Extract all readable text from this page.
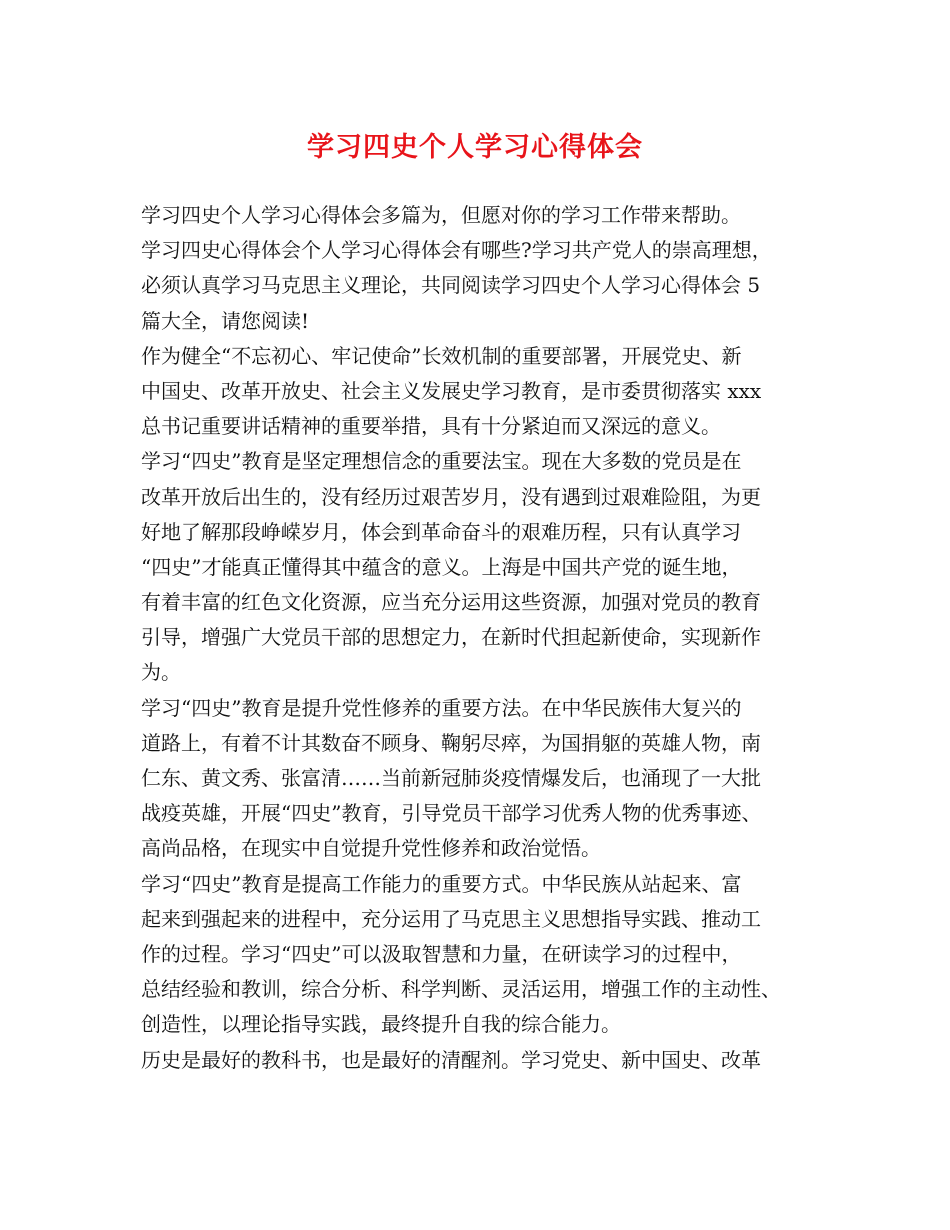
学习四史个人学习心得体会
学习四史个人学习心得体会多篇为，但愿对你的学习工作带来帮助。
学习四史心得体会个人学习心得体会有哪些?学习共产党人的崇高理想，
必须认真学习马克思主义理论，共同阅读学习四史个人学习心得体会 5
篇大全，请您阅读!
作为健全“不忘初心、牢记使命”长效机制的重要部署，开展党史、新
中国史、改革开放史、社会主义发展史学习教育，是市委贯彻落实 xxx
总书记重要讲话精神的重要举措，具有十分紧迫而又深远的意义。
学习“四史”教育是坚定理想信念的重要法宝。现在大多数的党员是在
改革开放后出生的，没有经历过艰苦岁月，没有遇到过艰难险阻，为更
好地了解那段峥嵘岁月，体会到革命奋斗的艰难历程，只有认真学习
“四史”才能真正懂得其中蕴含的意义。上海是中国共产党的诞生地，
有着丰富的红色文化资源，应当充分运用这些资源，加强对党员的教育
引导，增强广大党员干部的思想定力，在新时代担起新使命，实现新作
为。
学习“四史”教育是提升党性修养的重要方法。在中华民族伟大复兴的
道路上，有着不计其数奋不顾身、鞠躬尽瘁，为国捐躯的英雄人物，南
仁东、黄文秀、张富清……当前新冠肺炎疫情爆发后，也涌现了一大批
战疫英雄，开展“四史”教育，引导党员干部学习优秀人物的优秀事迹、
高尚品格，在现实中自觉提升党性修养和政治觉悟。
学习“四史”教育是提高工作能力的重要方式。中华民族从站起来、富
起来到强起来的进程中，充分运用了马克思主义思想指导实践、推动工
作的过程。学习“四史”可以汲取智慧和力量，在研读学习的过程中，
总结经验和教训，综合分析、科学判断、灵活运用，增强工作的主动性、
创造性，以理论指导实践，最终提升自我的综合能力。
历史是最好的教科书，也是最好的清醒剂。学习党史、新中国史、改革
